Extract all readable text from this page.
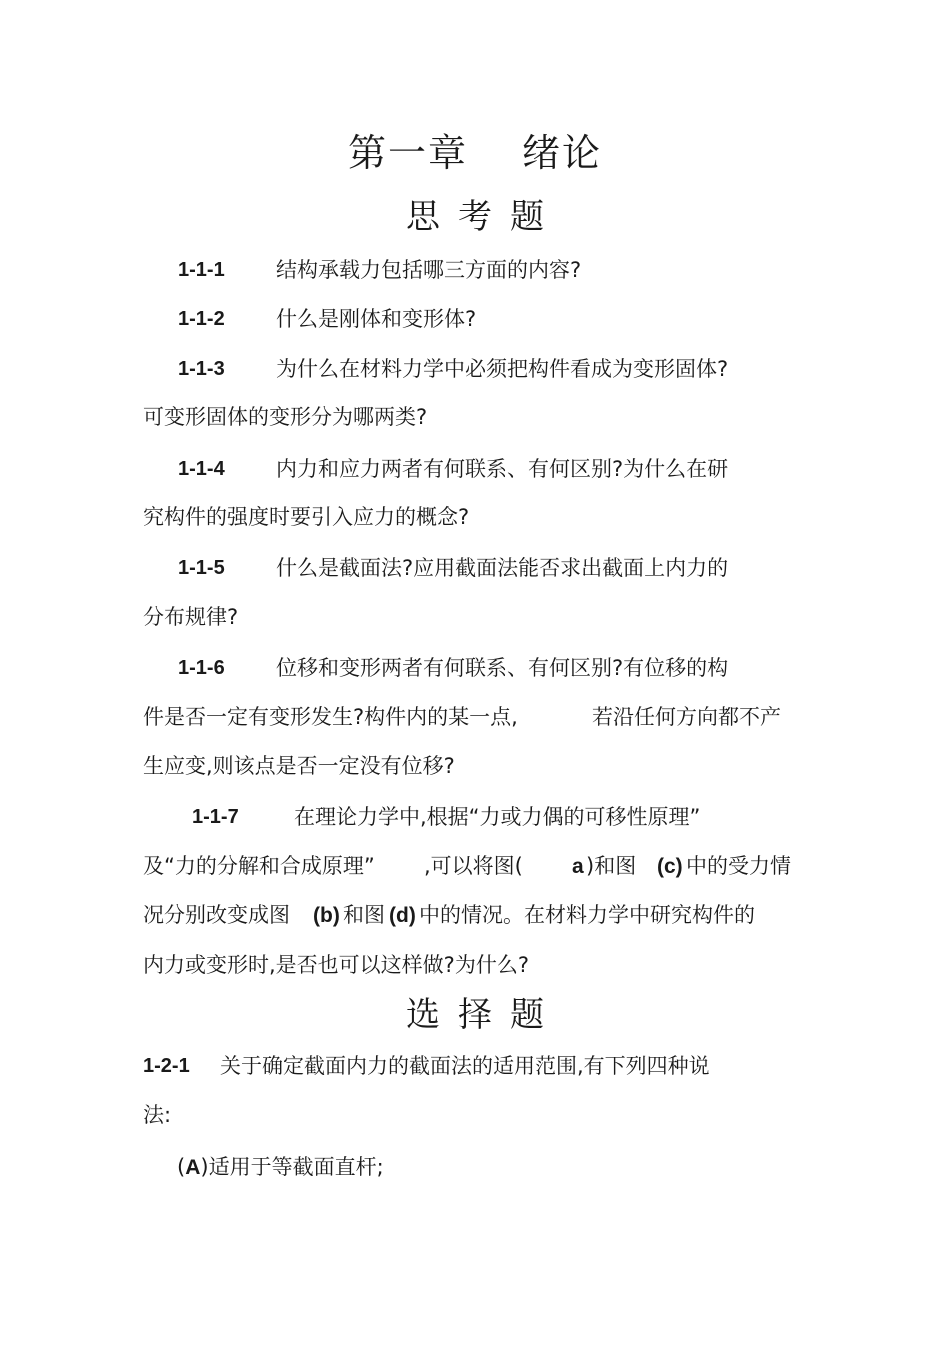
第一章　 绪论
思考题
1-1-1 结构承载力包括哪三方面的内容?
1-1-2 什么是刚体和变形体?
1-1-3 为什么在材料力学中必须把构件看成为变形固体?
可变形固体的变形分为哪两类?
1-1-4 内力和应力两者有何联系、有何区别?为什么在研
究构件的强度时要引入应力的概念?
1-1-5 什么是截面法?应用截面法能否求出截面上内力的
分布规律?
1-1-6 位移和变形两者有何联系、有何区别?有位移的构
件是否一定有变形发生?构件内的某一点,	若沿任何方向都不产
生应变,则该点是否一定没有位移?
1-1-7	在理论力学中,根据“力或力偶的可移性原理”
及“力的分解和合成原理” ,可以将图( a )和图 (c) 中的受力情
况分别改变成图 (b) 和图 (d) 中的情况。在材料力学中研究构件的
内力或变形时,是否也可以这样做?为什么?
选择题
1-2-1 关于确定截面内力的截面法的适用范围,有下列四种说
法:
(A)适用于等截面直杆;
